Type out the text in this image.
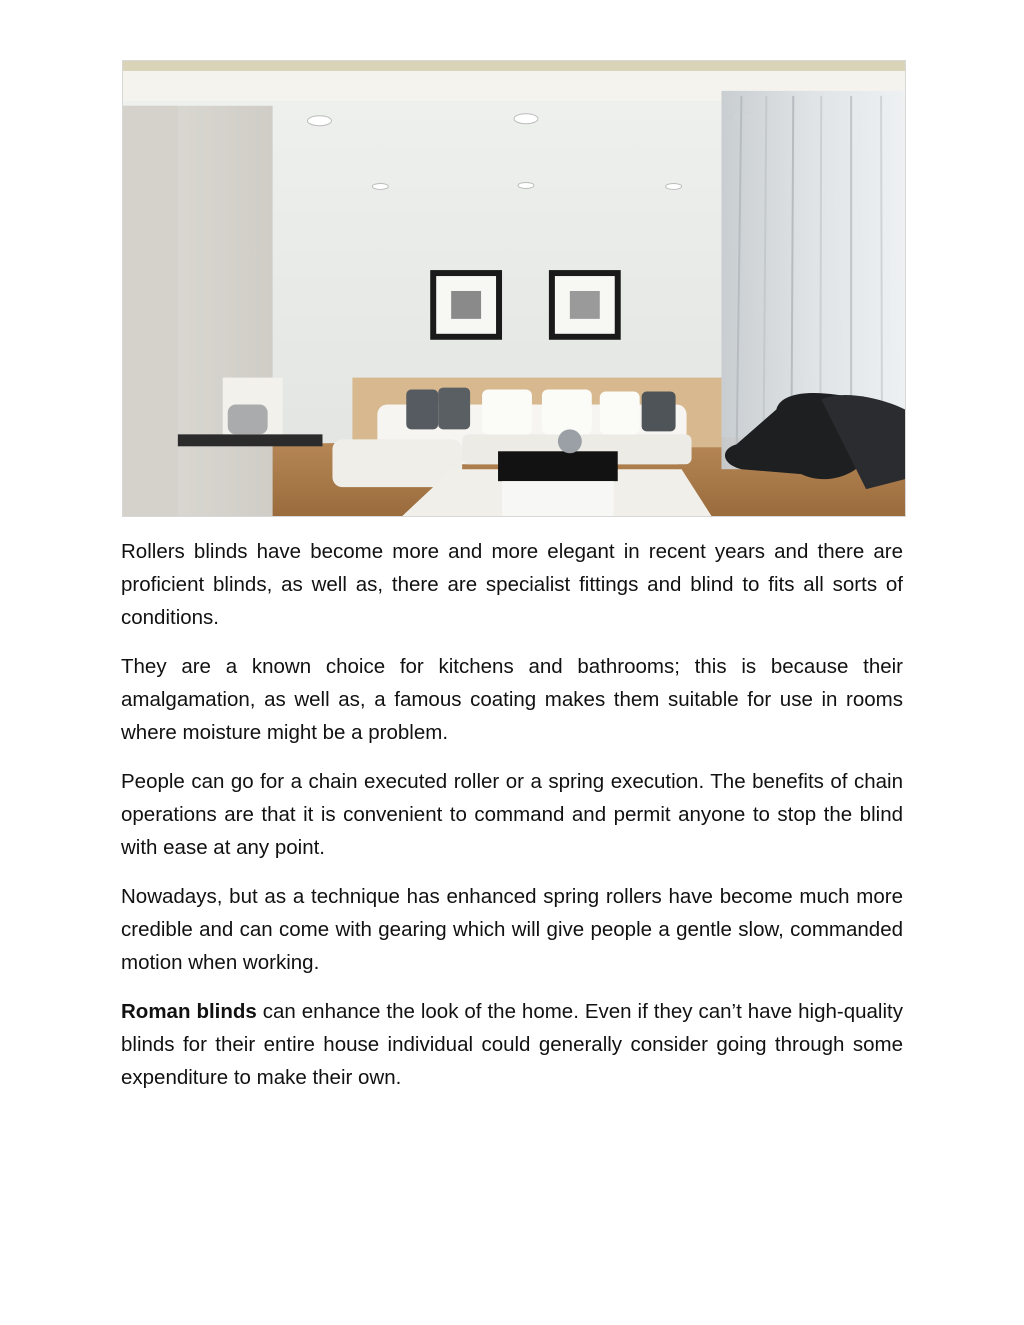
Rollers blinds have become more and more elegant in recent years and there are proficient blinds, as well as, there are specialist fittings and blind to fits all sorts of conditions.

They are a known choice for kitchens and bathrooms; this is because their amalgamation, as well as, a famous coating makes them suitable for use in rooms where moisture might be a problem.

People can go for a chain executed roller or a spring execution. The benefits of chain operations are that it is convenient to command and permit anyone to stop the blind with ease at any point.

Nowadays, but as a technique has enhanced spring rollers have become much more credible and can come with gearing which will give people a gentle slow, commanded motion when working.

Roman blinds can enhance the look of the home. Even if they can’t have high-quality blinds for their entire house individual could generally consider going through some expenditure to make their own.
